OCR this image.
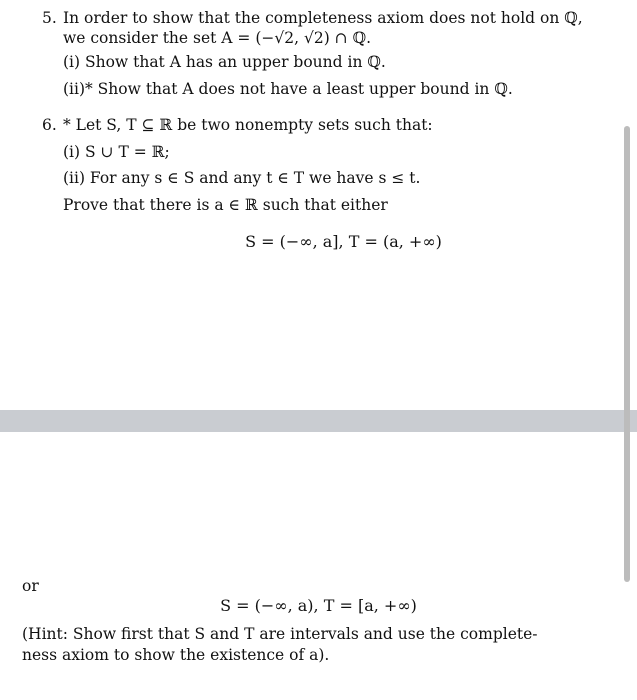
5. In order to show that the completeness axiom does not hold on ℚ,
we consider the set A = (−√2, √2) ∩ ℚ.
(i) Show that A has an upper bound in ℚ.
(ii)* Show that A does not have a least upper bound in ℚ.
6. * Let S, T ⊆ ℝ be two nonempty sets such that:
(i) S ∪ T = ℝ;
(ii) For any s ∈ S and any t ∈ T we have s ≤ t.
Prove that there is a ∈ ℝ such that either
S = (−∞, a], T = (a, +∞)
or
S = (−∞, a), T = [a, +∞)
(Hint: Show first that S and T are intervals and use the complete-
ness axiom to show the existence of a).
